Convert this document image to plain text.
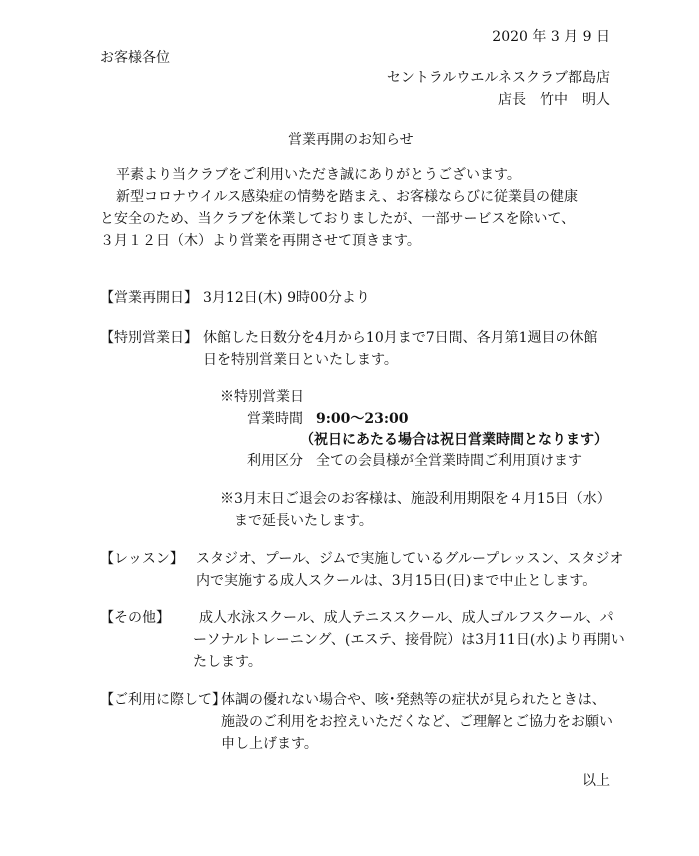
2020 年 3 月 9 日
お客様各位
セントラルウエルネスクラブ都島店
店長　竹中　明人
営業再開のお知らせ
平素より当クラブをご利用いただき誠にありがとうございます。
新型コロナウイルス感染症の情勢を踏まえ、お客様ならびに従業員の健康
と安全のため、当クラブを休業しておりましたが、一部サービスを除いて、
３月１２日（木）より営業を再開させて頂きます。
【営業再開日】 3月12日(木) 9時00分より
【特別営業日】 休館した日数分を4月から10月まで7日間、各月第1週目の休館
日を特別営業日といたします。
※特別営業日
営業時間 9:00～23:00
（祝日にあたる場合は祝日営業時間となります）
利用区分 全ての会員様が全営業時間ご利用頂けます
※3月末日ご退会のお客様は、施設利用期限を４月15日（水）
まで延長いたします。
【レッスン】 スタジオ、プール、ジムで実施しているグループレッスン、スタジオ
内で実施する成人スクールは、3月15日(日)まで中止とします。
【その他】 成人水泳スクール、成人テニススクール、成人ゴルフスクール、パ
ーソナルトレーニング、(エステ、接骨院）は3月11日(水)より再開い
たします。
【ご利用に際して】
体調の優れない場合や、咳･発熱等の症状が見られたときは、
施設のご利用をお控えいただくなど、ご理解とご協力をお願い
申し上げます。
以上
